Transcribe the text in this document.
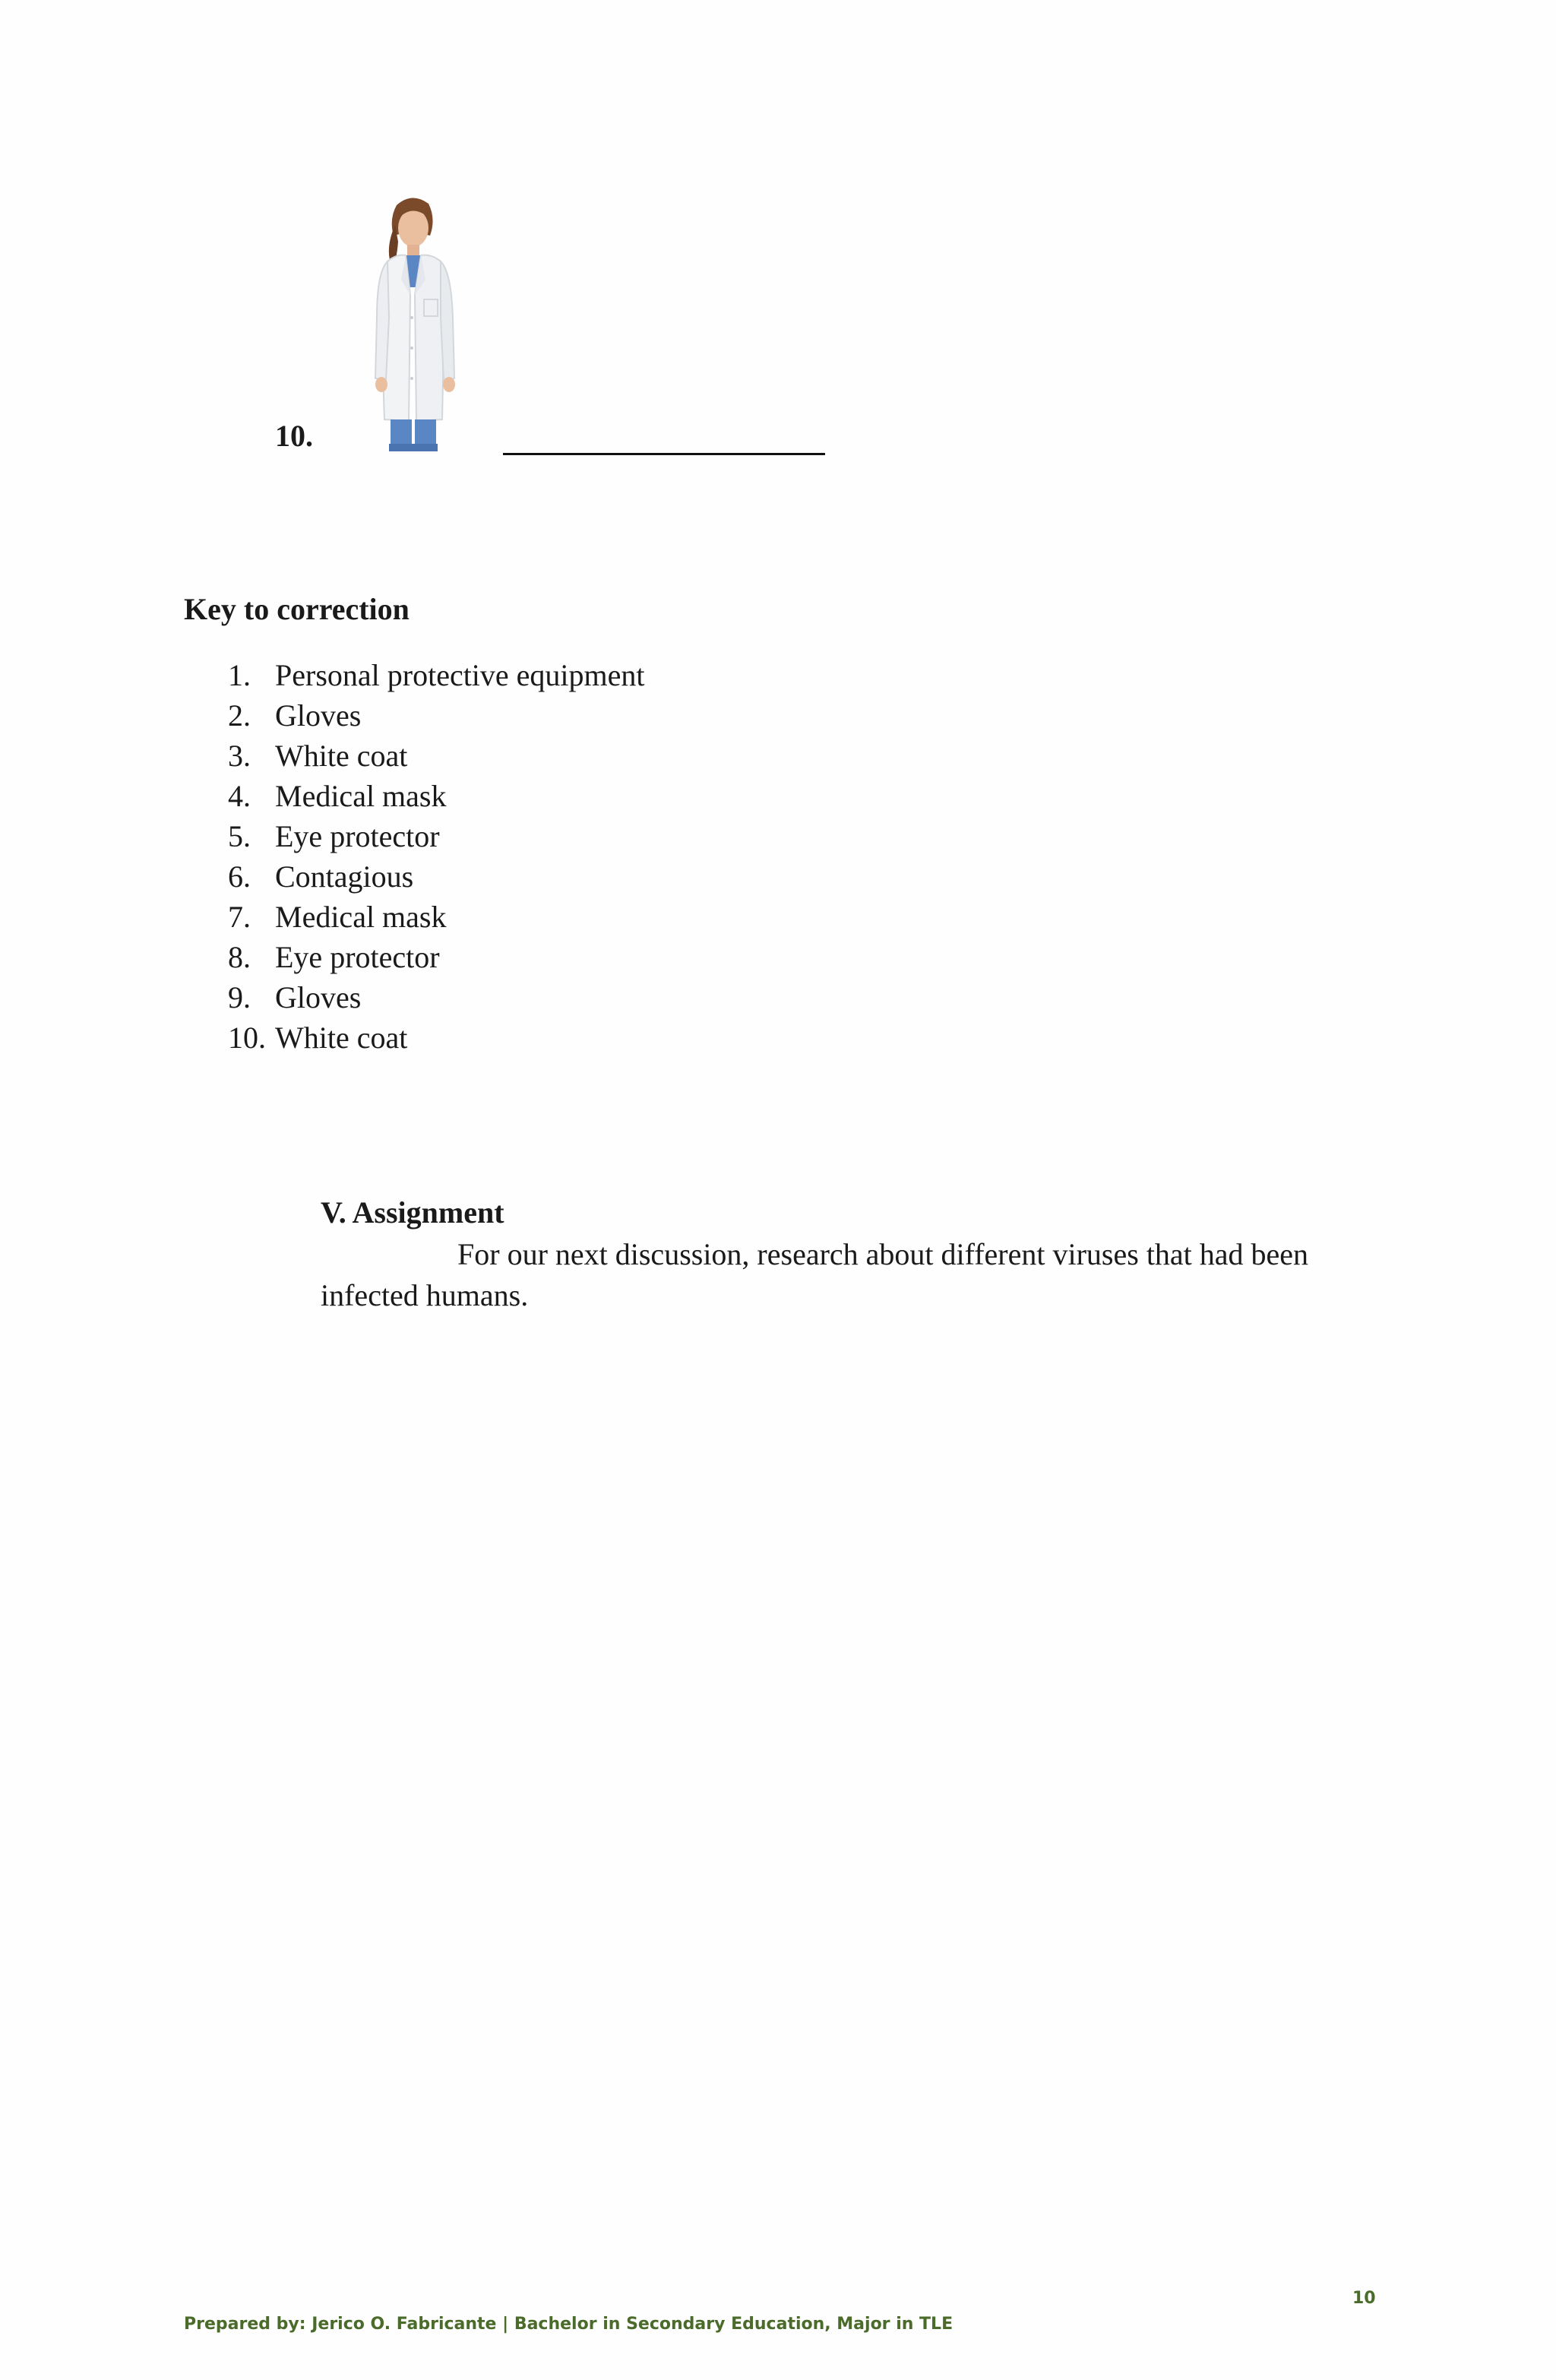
10.
Key to correction
1. Personal protective equipment
2. Gloves
3. White coat
4. Medical mask
5. Eye protector
6. Contagious
7. Medical mask
8. Eye protector
9. Gloves
10. White coat
V. Assignment

For our next discussion, research about different viruses that had been infected humans.

10
Prepared by: Jerico O. Fabricante | Bachelor in Secondary Education, Major in TLE
